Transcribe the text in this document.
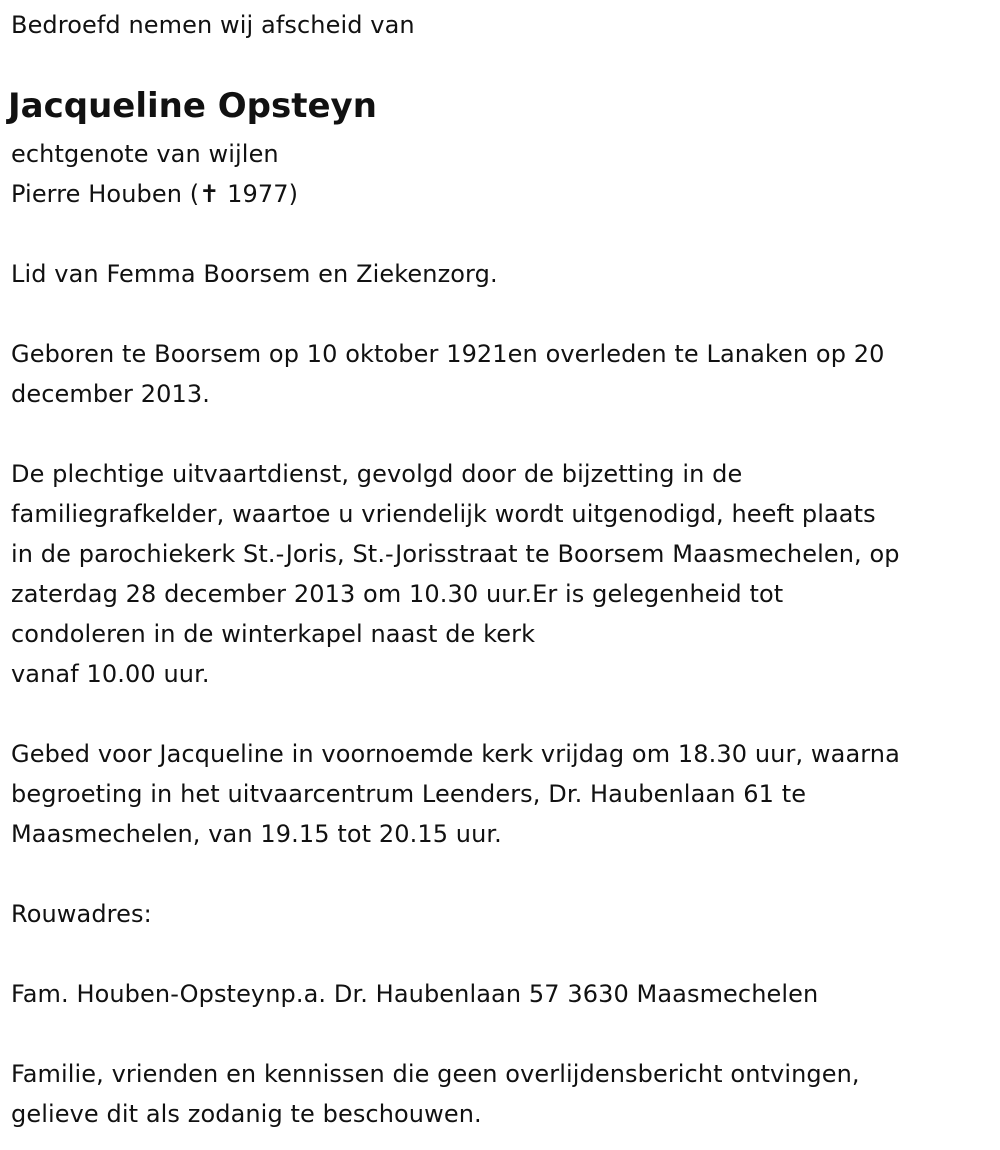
Bedroefd nemen wij afscheid van
Jacqueline Opsteyn
echtgenote van wijlen
Pierre Houben (✝ 1977)
Lid van Femma Boorsem en Ziekenzorg.
Geboren te Boorsem op 10 oktober 1921en overleden te Lanaken op 20
december 2013.
De plechtige uitvaartdienst, gevolgd door de bijzetting in de
familiegrafkelder, waartoe u vriendelijk wordt uitgenodigd, heeft plaats
in de parochiekerk St.-Joris, St.-Jorisstraat te Boorsem Maasmechelen, op
zaterdag 28 december 2013 om 10.30 uur.Er is gelegenheid tot
condoleren in de winterkapel naast de kerk
vanaf 10.00 uur.
Gebed voor Jacqueline in voornoemde kerk vrijdag om 18.30 uur, waarna
begroeting in het uitvaarcentrum Leenders, Dr. Haubenlaan 61 te
Maasmechelen, van 19.15 tot 20.15 uur.
Rouwadres:
Fam. Houben-Opsteynp.a. Dr. Haubenlaan 57 3630 Maasmechelen
Familie, vrienden en kennissen die geen overlijdensbericht ontvingen,
gelieve dit als zodanig te beschouwen.
